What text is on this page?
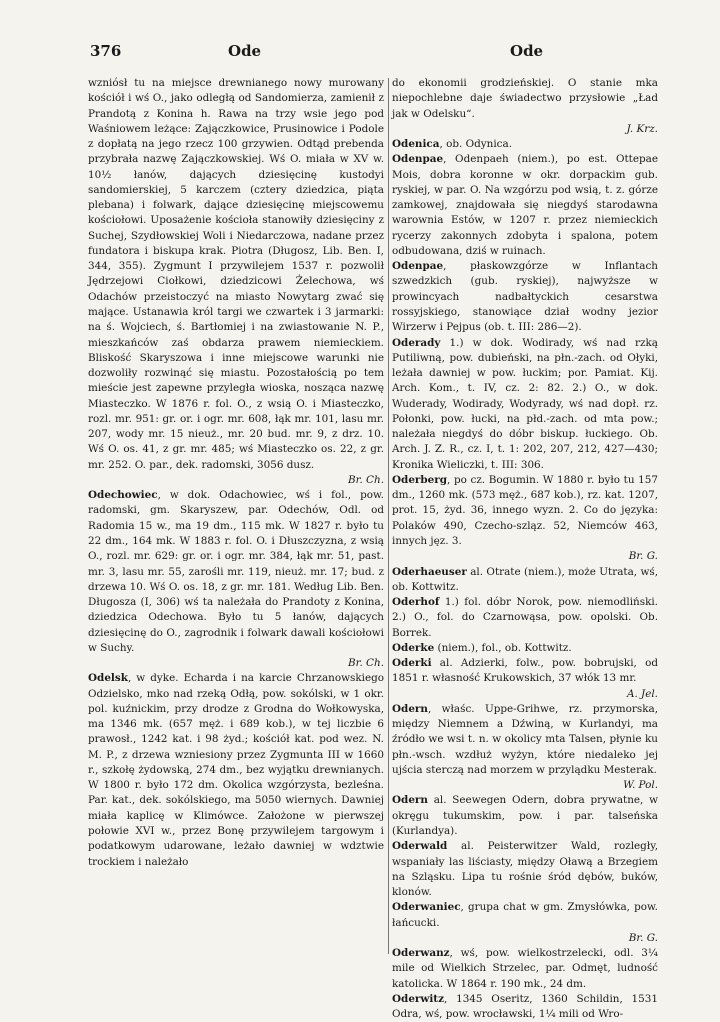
376	Ode	Ode

wzniósł tu na miejsce drewnianego nowy murowany kościół i wś O., jako odległą od Sandomierza, zamienił z Prandotą z Konina h. Rawa na trzy wsie jego pod Waśniowem leżące: Zajączkowice, Prusinowice i Podole z dopłatą na jego rzecz 100 grzywien. Odtąd prebenda przybrała nazwę Zajączkowskiej. Wś O. miała w XV w. 10½ łanów, dających dziesięcinę kustodyi sandomierskiej, 5 karczem (cztery dziedzica, piąta plebana) i folwark, dające dziesięcinę miejscowemu kościołowi. Uposażenie kościoła stanowiły dziesięciny z Suchej, Szydłowskiej Woli i Niedarczowa, nadane przez fundatora i biskupa krak. Piotra (Długosz, Lib. Ben. I, 344, 355). Zygmunt I przywilejem 1537 r. pozwolił Jędrzejowi Ciołkowi, dziedzicowi Żelechowa, wś Odachów przeistoczyć na miasto Nowytarg zwać się mające. Ustanawia król targi we czwartek i 3 jarmarki: na ś. Wojciech, ś. Bartłomiej i na zwiastowanie N. P., mieszkańców zaś obdarza prawem niemieckiem. Bliskość Skaryszowa i inne miejscowe warunki nie dozwoliły rozwinąć się miastu. Pozostałością po tem mieście jest zapewne przyległa wioska, nosząca nazwę Miasteczko. W 1876 r. fol. O., z wsią O. i Miasteczko, rozl. mr. 951: gr. or. i ogr. mr. 608, łąk mr. 101, lasu mr. 207, wody mr. 15 nieuż., mr. 20 bud. mr. 9, z drz. 10. Wś O. os. 41, z gr. mr. 485; wś Miasteczko os. 22, z gr. mr. 252. O. par., dek. radomski, 3056 dusz.
Br. Ch.

Odechowiec, w dok. Odachowiec, wś i fol., pow. radomski, gm. Skaryszew, par. Odechów, Odl. od Radomia 15 w., ma 19 dm., 115 mk. W 1827 r. było tu 22 dm., 164 mk. W 1883 r. fol. O. i Dłuszczyzna, z wsią O., rozl. mr. 629: gr. or. i ogr. mr. 384, łąk mr. 51, past. mr. 3, lasu mr. 55, zarośli mr. 119, nieuż. mr. 17; bud. z drzewa 10. Wś O. os. 18, z gr. mr. 181. Według Lib. Ben. Długosza (I, 306) wś ta należała do Prandoty z Konina, dziedzica Odechowa. Było tu 5 łanów, dających dziesięcinę do O., zagrodnik i folwark dawali kościołowi w Suchy.
Br. Ch.

Odelsk, w dyke. Echarda i na karcie Chrzanowskiego Odzielsko, mko nad rzeką Odłą, pow. sokólski, w 1 okr. pol. kuźnickim, przy drodze z Grodna do Wołkowyska, ma 1346 mk. (657 męż. i 689 kob.), w tej liczbie 6 prawosł., 1242 kat. i 98 żyd.; kościół kat. pod wez. N. M. P., z drzewa wzniesiony przez Zygmunta III w 1660 r., szkołę żydowską, 274 dm., bez wyjątku drewnianych. W 1800 r. było 172 dm. Okolica wzgórzysta, bezleśna. Par. kat., dek. sokólskiego, ma 5050 wiernych. Dawniej miała kaplicę w Klimówce. Założone w pierwszej połowie XVI w., przez Bonę przywilejem targowym i podatkowym udarowane, leżało dawniej w wdztwie trockiem i należało

do ekonomii grodzieńskiej. O stanie mka niepochlebne daje świadectwo przysłowie „Ład jak w Odelsku“.
J. Krz.

Odenica, ob. Odynica.

Odenpae, Odenpaeh (niem.), po est. Ottepae Mois, dobra koronne w okr. dorpackim gub. ryskiej, w par. O. Na wzgórzu pod wsią, t. z. górze zamkowej, znajdowała się niegdyś starodawna warownia Estów, w 1207 r. przez niemieckich rycerzy zakonnych zdobyta i spalona, potem odbudowana, dziś w ruinach.

Odenpae, płaskowzgórze w Inflantach szwedzkich (gub. ryskiej), najwyższe w prowincyach nadbałtyckich cesarstwa rossyjskiego, stanowiące dział wodny jezior Wirzerw i Pejpus (ob. t. III: 286—2).

Oderady 1.) w dok. Wodirady, wś nad rzką Putiliwną, pow. dubieński, na płn.-zach. od Ołyki, leżała dawniej w pow. łuckim; por. Pamiat. Kij. Arch. Kom., t. IV, cz. 2: 82. 2.) O., w dok. Wuderady, Wodirady, Wodyrady, wś nad dopł. rz. Połonki, pow. łucki, na płd.-zach. od mta pow.; należała niegdyś do dóbr biskup. łuckiego. Ob. Arch. J. Z. R., cz. I, t. 1: 202, 207, 212, 427—430; Kronika Wieliczki, t. III: 306.

Oderberg, po cz. Bogumin. W 1880 r. było tu 157 dm., 1260 mk. (573 męż., 687 kob.), rz. kat. 1207, prot. 15, żyd. 36, innego wyzn. 2. Co do języka: Polaków 490, Czecho-szląz. 52, Niemców 463, innych jęz. 3.
Br. G.

Oderhaeuser al. Otrate (niem.), może Utrata, wś, ob. Kottwitz.

Oderhof 1.) fol. dóbr Norok, pow. niemodliński. 2.) O., fol. do Czarnowąsa, pow. opolski. Ob. Borrek.

Oderke (niem.), fol., ob. Kottwitz.

Oderki al. Adzierki, folw., pow. bobrujski, od 1851 r. własność Krukowskich, 37 włók 13 mr.
A. Jel.

Odern, właśc. Uppe-Grihwe, rz. przymorska, między Niemnem a Dźwiną, w Kurlandyi, ma źródło we wsi t. n. w okolicy mta Talsen, płynie ku płn.-wsch. wzdłuż wyżyn, które niedaleko jej ujścia sterczą nad morzem w przylądku Mesterak.
W. Pol.

Odern al. Seewegen Odern, dobra prywatne, w okręgu tukumskim, pow. i par. talseńska (Kurlandya).

Oderwald al. Peisterwitzer Wald, rozległy, wspaniały las liściasty, między Oławą a Brzegiem na Szląsku. Lipa tu rośnie śród dębów, buków, klonów.

Oderwaniec, grupa chat w gm. Zmysłówka, pow. łańcucki.
Br. G.

Oderwanz, wś, pow. wielkostrzelecki, odl. 3¼ mile od Wielkich Strzelec, par. Odmęt, ludność katolicka. W 1864 r. 190 mk., 24 dm.

Oderwitz, 1345 Oseritz, 1360 Schildin, 1531 Odra, wś, pow. wrocławski, 1¼ mili od Wro-
